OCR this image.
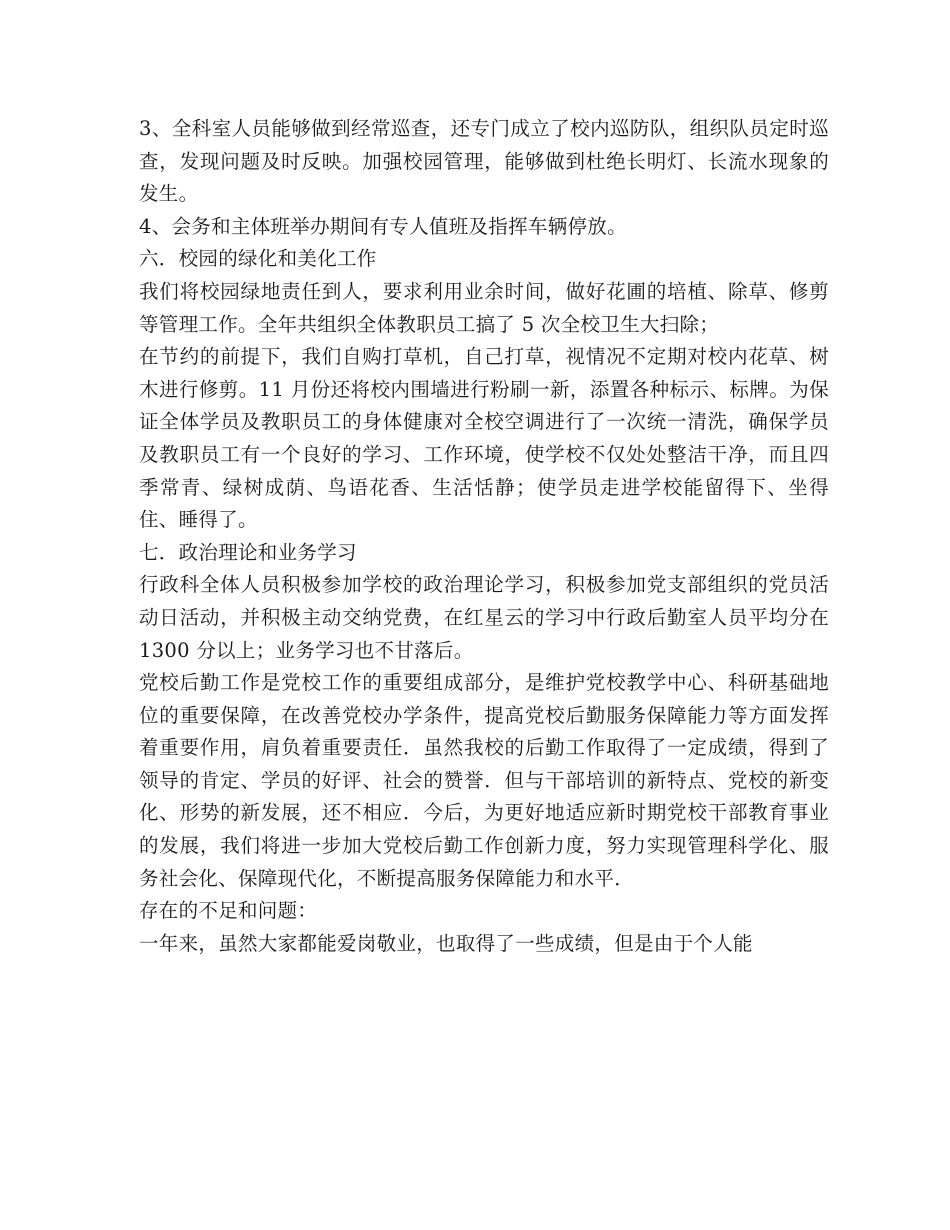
3、全科室人员能够做到经常巡查，还专门成立了校内巡防队，组织队员定时巡查，发现问题及时反映。加强校园管理，能够做到杜绝长明灯、长流水现象的发生。

4、会务和主体班举办期间有专人值班及指挥车辆停放。

六．校园的绿化和美化工作

我们将校园绿地责任到人，要求利用业余时间，做好花圃的培植、除草、修剪等管理工作。全年共组织全体教职员工搞了 5 次全校卫生大扫除；

在节约的前提下，我们自购打草机，自己打草，视情况不定期对校内花草、树木进行修剪。11 月份还将校内围墙进行粉刷一新，添置各种标示、标牌。为保证全体学员及教职员工的身体健康对全校空调进行了一次统一清洗，确保学员及教职员工有一个良好的学习、工作环境，使学校不仅处处整洁干净，而且四季常青、绿树成荫、鸟语花香、生活恬静；使学员走进学校能留得下、坐得住、睡得了。

七．政治理论和业务学习

行政科全体人员积极参加学校的政治理论学习，积极参加党支部组织的党员活动日活动，并积极主动交纳党费，在红星云的学习中行政后勤室人员平均分在 1300 分以上；业务学习也不甘落后。

党校后勤工作是党校工作的重要组成部分，是维护党校教学中心、科研基础地位的重要保障，在改善党校办学条件，提高党校后勤服务保障能力等方面发挥着重要作用，肩负着重要责任．虽然我校的后勤工作取得了一定成绩，得到了领导的肯定、学员的好评、社会的赞誉．但与干部培训的新特点、党校的新变化、形势的新发展，还不相应．今后，为更好地适应新时期党校干部教育事业的发展，我们将进一步加大党校后勤工作创新力度，努力实现管理科学化、服务社会化、保障现代化，不断提高服务保障能力和水平．

存在的不足和问题：

一年来，虽然大家都能爱岗敬业，也取得了一些成绩，但是由于个人能
